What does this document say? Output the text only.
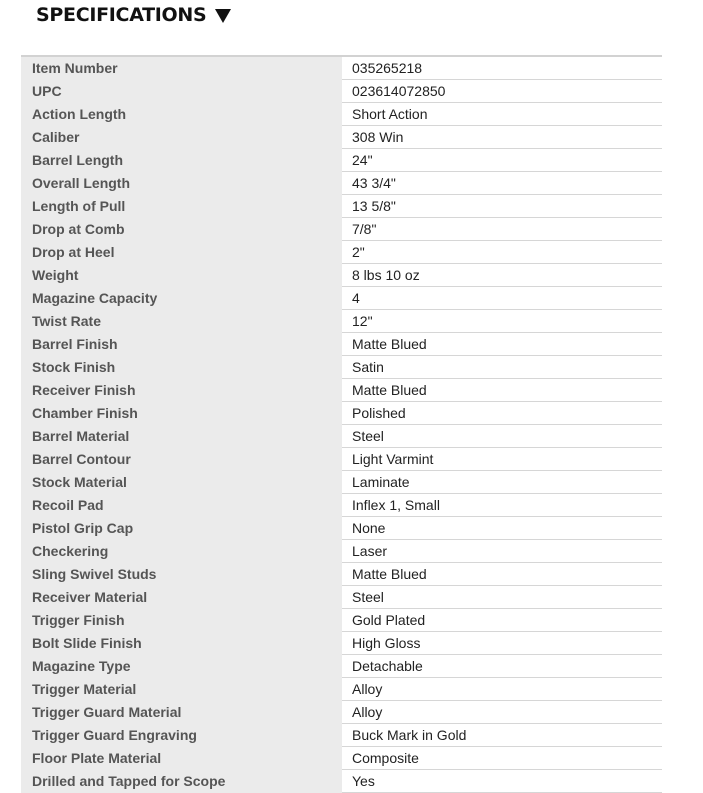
SPECIFICATIONS
Item Number	035265218
UPC	023614072850
Action Length	Short Action
Caliber	308 Win
Barrel Length	24"
Overall Length	43 3/4"
Length of Pull	13 5/8"
Drop at Comb	7/8"
Drop at Heel	2"
Weight	8 lbs 10 oz
Magazine Capacity	4
Twist Rate	12"
Barrel Finish	Matte Blued
Stock Finish	Satin
Receiver Finish	Matte Blued
Chamber Finish	Polished
Barrel Material	Steel
Barrel Contour	Light Varmint
Stock Material	Laminate
Recoil Pad	Inflex 1, Small
Pistol Grip Cap	None
Checkering	Laser
Sling Swivel Studs	Matte Blued
Receiver Material	Steel
Trigger Finish	Gold Plated
Bolt Slide Finish	High Gloss
Magazine Type	Detachable
Trigger Material	Alloy
Trigger Guard Material	Alloy
Trigger Guard Engraving	Buck Mark in Gold
Floor Plate Material	Composite
Drilled and Tapped for Scope	Yes
